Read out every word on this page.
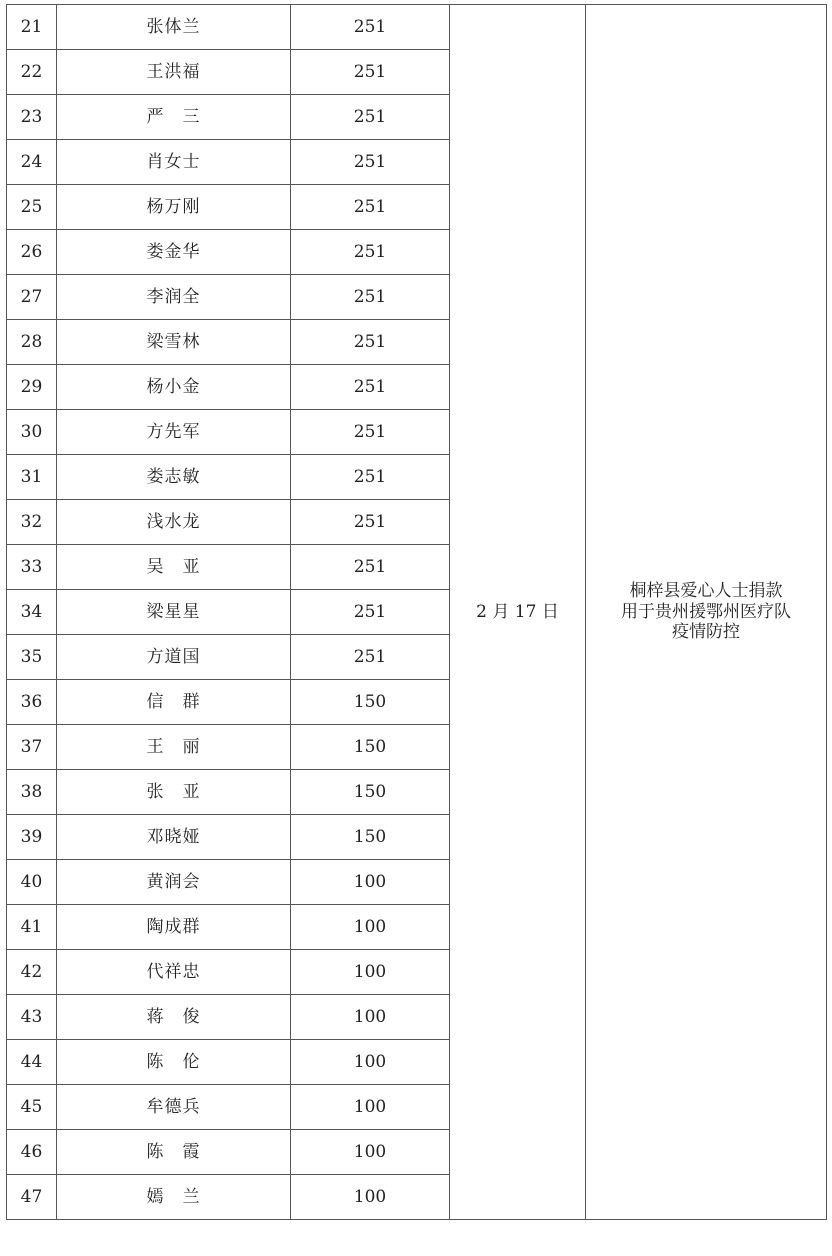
21	张体兰	251	2 月 17 日	桐梓县爱心人士捐款
用于贵州援鄂州医疗队
疫情防控

22	王洪福	251		
23	严　三	251		
24	肖女士	251		
25	杨万刚	251		
26	娄金华	251		
27	李润全	251		
28	梁雪林	251		
29	杨小金	251		
30	方先军	251		
31	娄志敏	251		
32	浅水龙	251		
33	吴　亚	251		
34	梁星星	251		
35	方道国	251		
36	信　群	150		
37	王　丽	150		
38	张　亚	150		
39	邓晓娅	150		
40	黄润会	100		
41	陶成群	100		
42	代祥忠	100		
43	蒋　俊	100		
44	陈　伦	100		
45	牟德兵	100		
46	陈　霞	100		
47	嫣　兰	100		
